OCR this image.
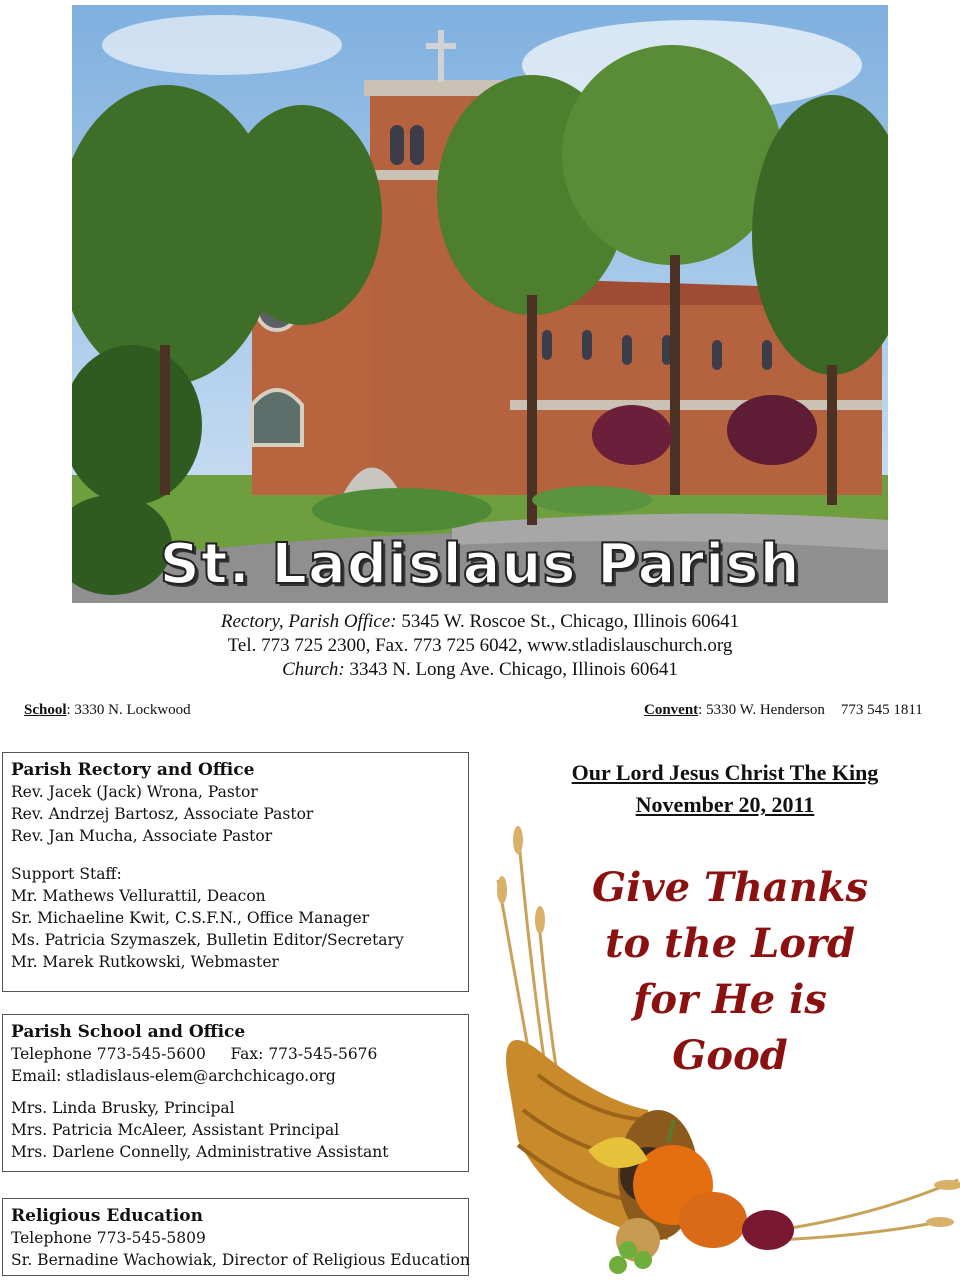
St. Ladislaus Parish
Rectory, Parish Office: 5345 W. Roscoe St., Chicago, Illinois 60641
Tel. 773 725 2300, Fax. 773 725 6042, www.stladislauschurch.org
Church: 3343 N. Long Ave. Chicago, Illinois 60641
School: 3330 N. Lockwood	Convent: 5330 W. Henderson 773 545 1811
Parish Rectory and Office
Rev. Jacek (Jack) Wrona, Pastor
Rev. Andrzej Bartosz, Associate Pastor
Rev. Jan Mucha, Associate Pastor
Support Staff:
Mr. Mathews Vellurattil, Deacon
Sr. Michaeline Kwit, C.S.F.N., Office Manager
Ms. Patricia Szymaszek, Bulletin Editor/Secretary
Mr. Marek Rutkowski, Webmaster
Parish School and Office
Telephone 773-545-5600     Fax: 773-545-5676
Email: stladislaus-elem@archchicago.org
Mrs. Linda Brusky, Principal
Mrs. Patricia McAleer, Assistant Principal
Mrs. Darlene Connelly, Administrative Assistant
Religious Education
Telephone 773-545-5809
Sr. Bernadine Wachowiak, Director of Religious Education
Our Lord Jesus Christ The King
November 20, 2011
Give Thanks
to the Lord
for He is
Good
